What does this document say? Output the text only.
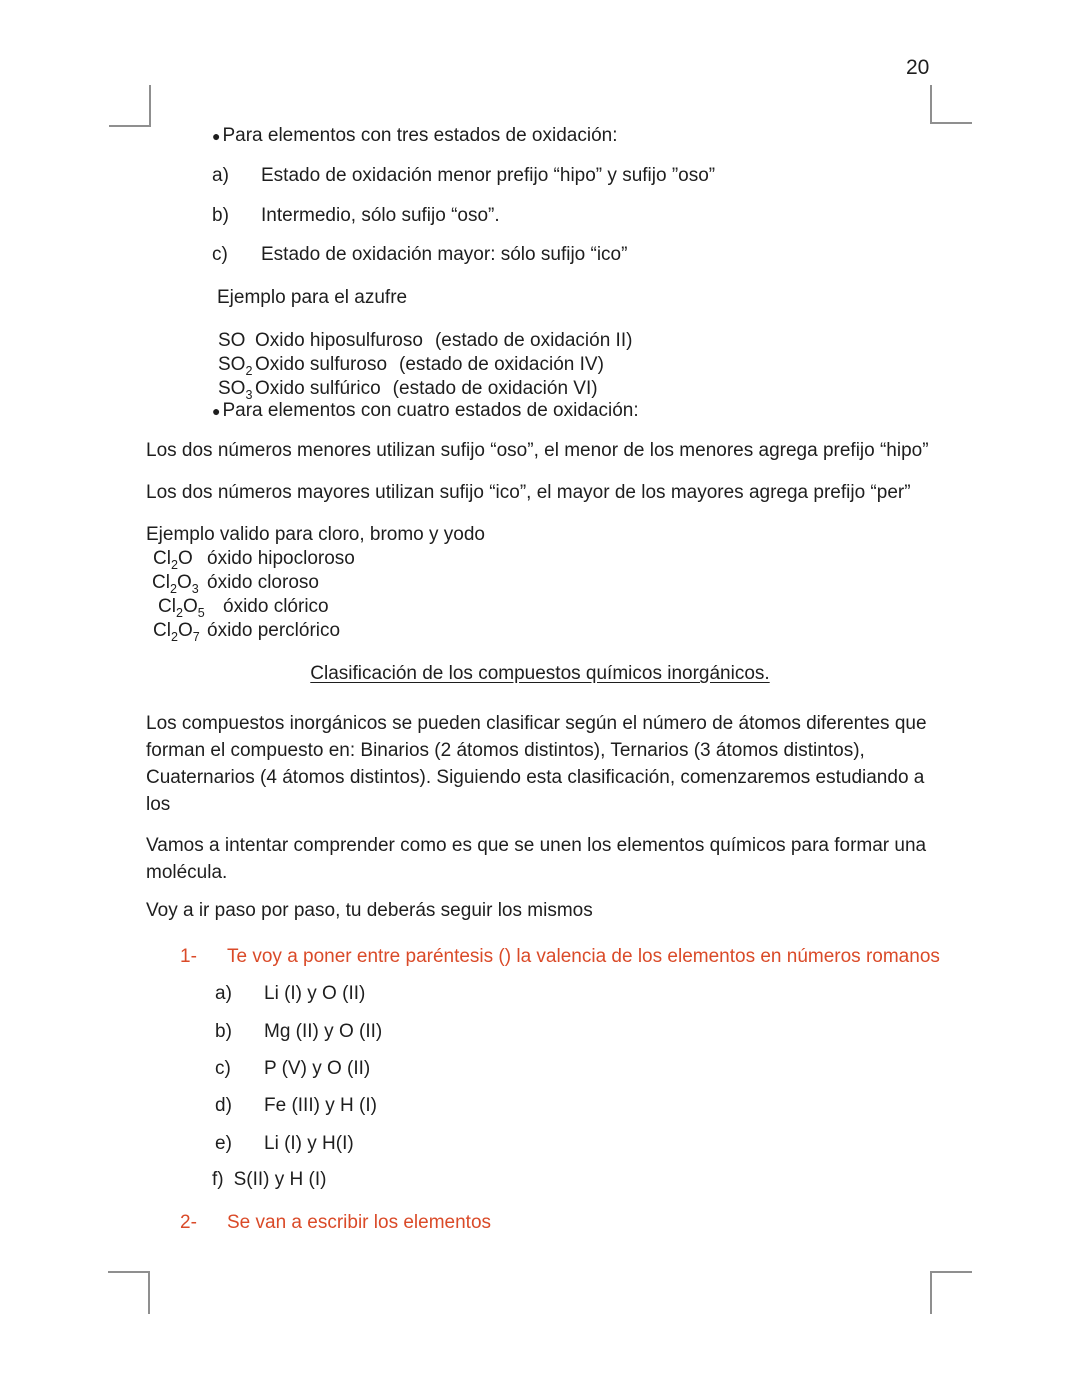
20
● Para elementos con tres estados de oxidación:
a)	Estado de oxidación menor prefijo “hipo” y sufijo ”oso”
b)	Intermedio, sólo sufijo “oso”.
c)	Estado de oxidación mayor: sólo sufijo “ico”
Ejemplo para el azufre
SO Oxido hiposulfuroso (estado de oxidación II)
$SO_2$ Oxido sulfuroso (estado de oxidación IV)
$SO_3$ Oxido sulfúrico (estado de oxidación VI)
● Para elementos con cuatro estados de oxidación:
Los dos números menores utilizan sufijo “oso”, el menor de los menores agrega prefijo “hipo”
Los dos números mayores utilizan sufijo “ico”, el mayor de los mayores agrega prefijo “per”
Ejemplo valido para cloro, bromo y yodo
$Cl_2O$ óxido hipocloroso
$Cl_2O_3$ óxido cloroso
$Cl_2O_5$ óxido clórico
$Cl_2O_7$ óxido perclórico
Clasificación de los compuestos químicos inorgánicos.
Los compuestos inorgánicos se pueden clasificar según el número de átomos diferentes que forman el compuesto en: Binarios (2 átomos distintos), Ternarios (3 átomos distintos), Cuaternarios (4 átomos distintos). Siguiendo esta clasificación, comenzaremos estudiando a los
Vamos a intentar comprender como es que se unen los elementos químicos para formar una molécula.
Voy a ir paso por paso, tu deberás seguir los mismos
1-	Te voy a poner entre paréntesis () la valencia de los elementos en números romanos
a)	Li (I) y O (II)
b)	Mg (II) y O (II)
c)	P (V) y O (II)
d)	Fe (III) y H (I)
e)	Li (I) y H(I)
f) S(II) y H (I)
2-	Se van a escribir los elementos
